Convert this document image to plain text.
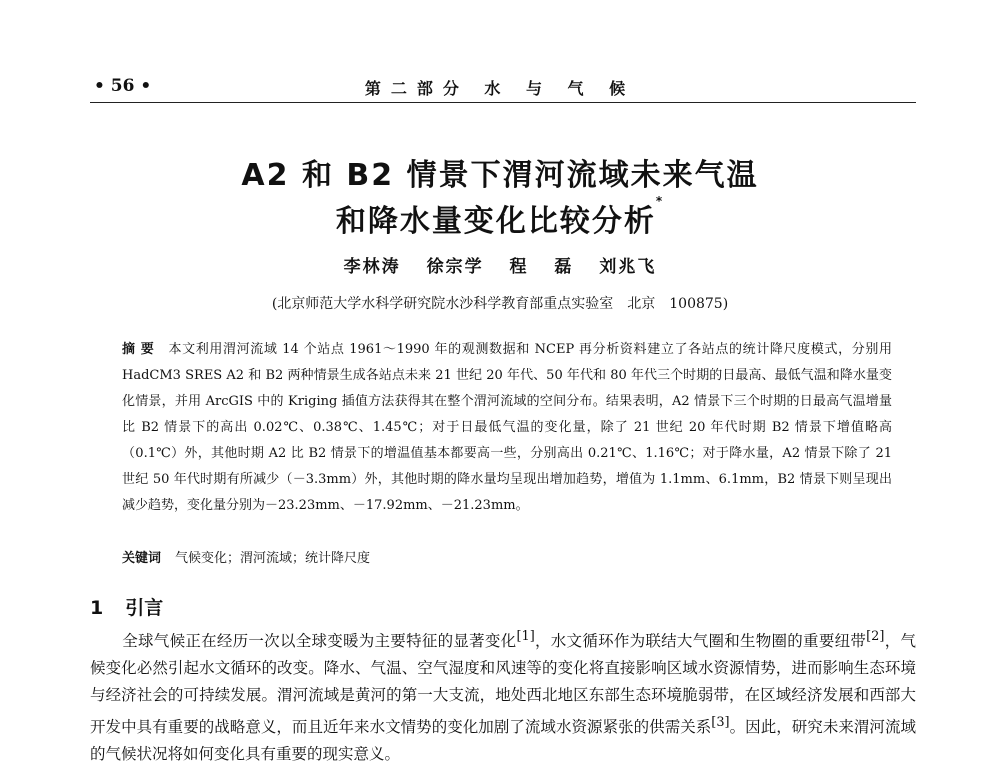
• 56 •	第二部分 水 与 气 候
A2 和 B2 情景下渭河流域未来气温
和降水量变化比较分析*
李林涛 徐宗学 程 磊 刘兆飞
(北京师范大学水科学研究院水沙科学教育部重点实验室　北京　100875)
摘 要 本文利用渭河流域 14 个站点 1961～1990 年的观测数据和 NCEP 再分析资料建立了各站点的统计降尺度模式，分别用 HadCM3 SRES A2 和 B2 两种情景生成各站点未来 21 世纪 20 年代、50 年代和 80 年代三个时期的日最高、最低气温和降水量变化情景，并用 ArcGIS 中的 Kriging 插值方法获得其在整个渭河流域的空间分布。结果表明，A2 情景下三个时期的日最高气温增量比 B2 情景下的高出 0.02℃、0.38℃、1.45℃；对于日最低气温的变化量，除了 21 世纪 20 年代时期 B2 情景下增值略高（0.1℃）外，其他时期 A2 比 B2 情景下的增温值基本都要高一些，分别高出 0.21℃、1.16℃；对于降水量，A2 情景下除了 21 世纪 50 年代时期有所减少（－3.3mm）外，其他时期的降水量均呈现出增加趋势，增值为 1.1mm、6.1mm，B2 情景下则呈现出减少趋势，变化量分别为－23.23mm、－17.92mm、－21.23mm。
关键词 气候变化；渭河流域；统计降尺度
1 引言
全球气候正在经历一次以全球变暖为主要特征的显著变化[1]，水文循环作为联结大气圈和生物圈的重要纽带[2]，气候变化必然引起水文循环的改变。降水、气温、空气湿度和风速等的变化将直接影响区域水资源情势，进而影响生态环境与经济社会的可持续发展。渭河流域是黄河的第一大支流，地处西北地区东部生态环境脆弱带，在区域经济发展和西部大开发中具有重要的战略意义，而且近年来水文情势的变化加剧了流域水资源紧张的供需关系[3]。因此，研究未来渭河流域的气候状况将如何变化具有重要的现实意义。
